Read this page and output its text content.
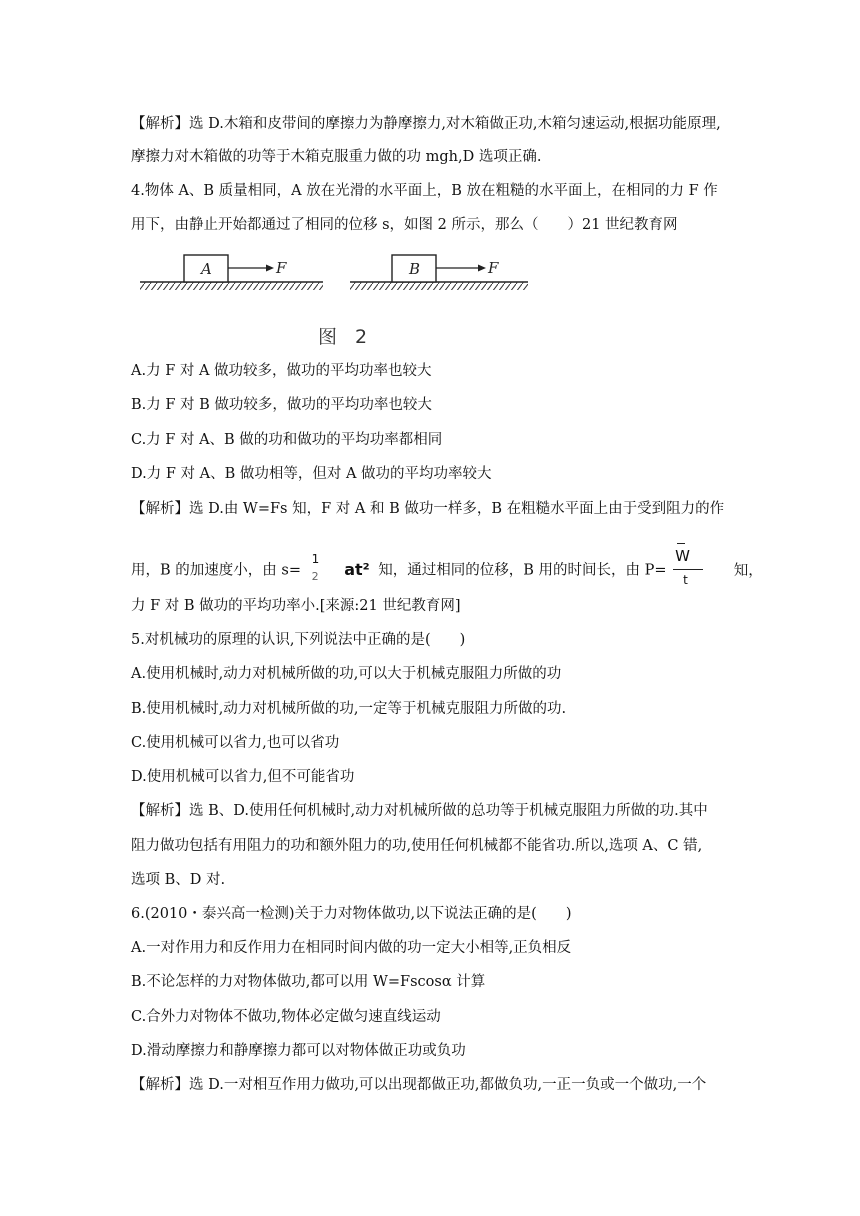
【解析】选 D.木箱和皮带间的摩擦力为静摩擦力,对木箱做正功,木箱匀速运动,根据功能原理,
摩擦力对木箱做的功等于木箱克服重力做的功 mgh,D 选项正确.
4.物体 A、B 质量相同，A 放在光滑的水平面上，B 放在粗糙的水平面上，在相同的力 F 作
用下，由静止开始都通过了相同的位移 s，如图 2 所示，那么（　　）21 世纪教育网
A	F	B	F
图 2
A.力 F 对 A 做功较多，做功的平均功率也较大
B.力 F 对 B 做功较多，做功的平均功率也较大
C.力 F 对 A、B 做的功和做功的平均功率都相同
D.力 F 对 A、B 做功相等，但对 A 做功的平均功率较大
【解析】选 D.由 W=Fs 知，F 对 A 和 B 做功一样多，B 在粗糙水平面上由于受到阻力的作
用，B 的加速度小，由 s=
1
2 at² 知，通过相同的位移，B 用的时间长，由 $P= \frac{W}{t}$ 知，
力 F 对 B 做功的平均功率小.[来源:21 世纪教育网]
5.对机械功的原理的认识,下列说法中正确的是(　　)
A.使用机械时,动力对机械所做的功,可以大于机械克服阻力所做的功
B.使用机械时,动力对机械所做的功,一定等于机械克服阻力所做的功.
C.使用机械可以省力,也可以省功
D.使用机械可以省力,但不可能省功
【解析】选 B、D.使用任何机械时,动力对机械所做的总功等于机械克服阻力所做的功.其中
阻力做功包括有用阻力的功和额外阻力的功,使用任何机械都不能省功.所以,选项 A、C 错,
选项 B、D 对.
6.(2010・泰兴高一检测)关于力对物体做功,以下说法正确的是(　　)
A.一对作用力和反作用力在相同时间内做的功一定大小相等,正负相反
B.不论怎样的力对物体做功,都可以用 W=Fscosα 计算
C.合外力对物体不做功,物体必定做匀速直线运动
D.滑动摩擦力和静摩擦力都可以对物体做正功或负功
【解析】选 D.一对相互作用力做功,可以出现都做正功,都做负功,一正一负或一个做功,一个
